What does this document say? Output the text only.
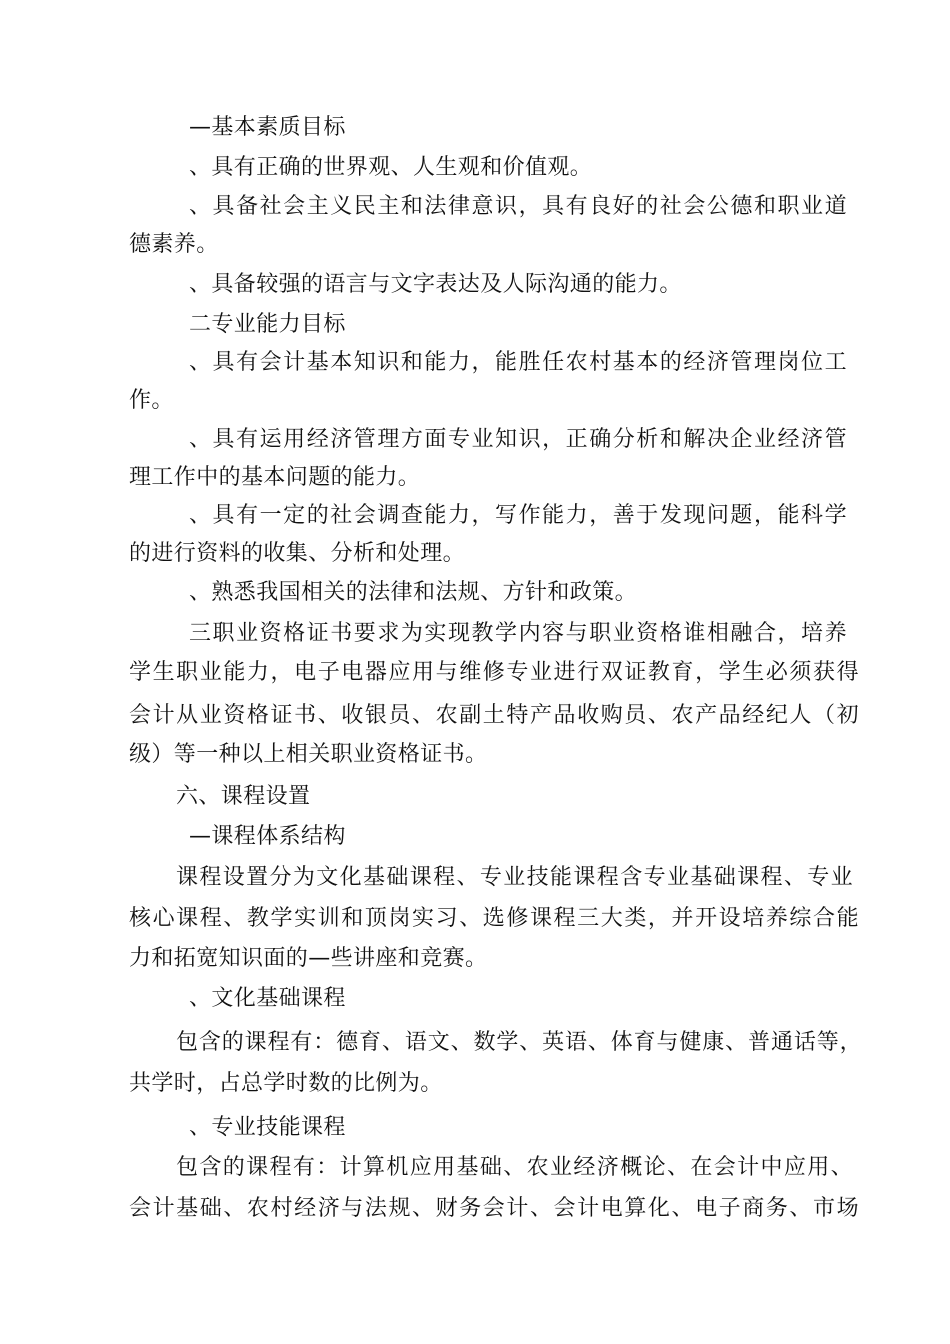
—基本素质目标
、具有正确的世界观、人生观和价值观。
、具备社会主义民主和法律意识，具有良好的社会公德和职业道
德素养。
、具备较强的语言与文字表达及人际沟通的能力。
二专业能力目标
、具有会计基本知识和能力，能胜任农村基本的经济管理岗位工
作。
、具有运用经济管理方面专业知识，正确分析和解决企业经济管
理工作中的基本问题的能力。
、具有一定的社会调查能力，写作能力，善于发现问题，能科学
的进行资料的收集、分析和处理。
、熟悉我国相关的法律和法规、方针和政策。
三职业资格证书要求为实现教学内容与职业资格谁相融合，培养
学生职业能力，电子电器应用与维修专业进行双证教育，学生必须获得
会计从业资格证书、收银员、农副土特产品收购员、农产品经纪人（初
级）等一种以上相关职业资格证书。
六、课程设置
—课程体系结构
课程设置分为文化基础课程、专业技能课程含专业基础课程、专业
核心课程、教学实训和顶岗实习、选修课程三大类，并开设培养综合能
力和拓宽知识面的—些讲座和竞赛。
、文化基础课程
包含的课程有：德育、语文、数学、英语、体育与健康、普通话等，
共学时，占总学时数的比例为。
、专业技能课程
包含的课程有：计算机应用基础、农业经济概论、在会计中应用、
会计基础、农村经济与法规、财务会计、会计电算化、电子商务、市场
